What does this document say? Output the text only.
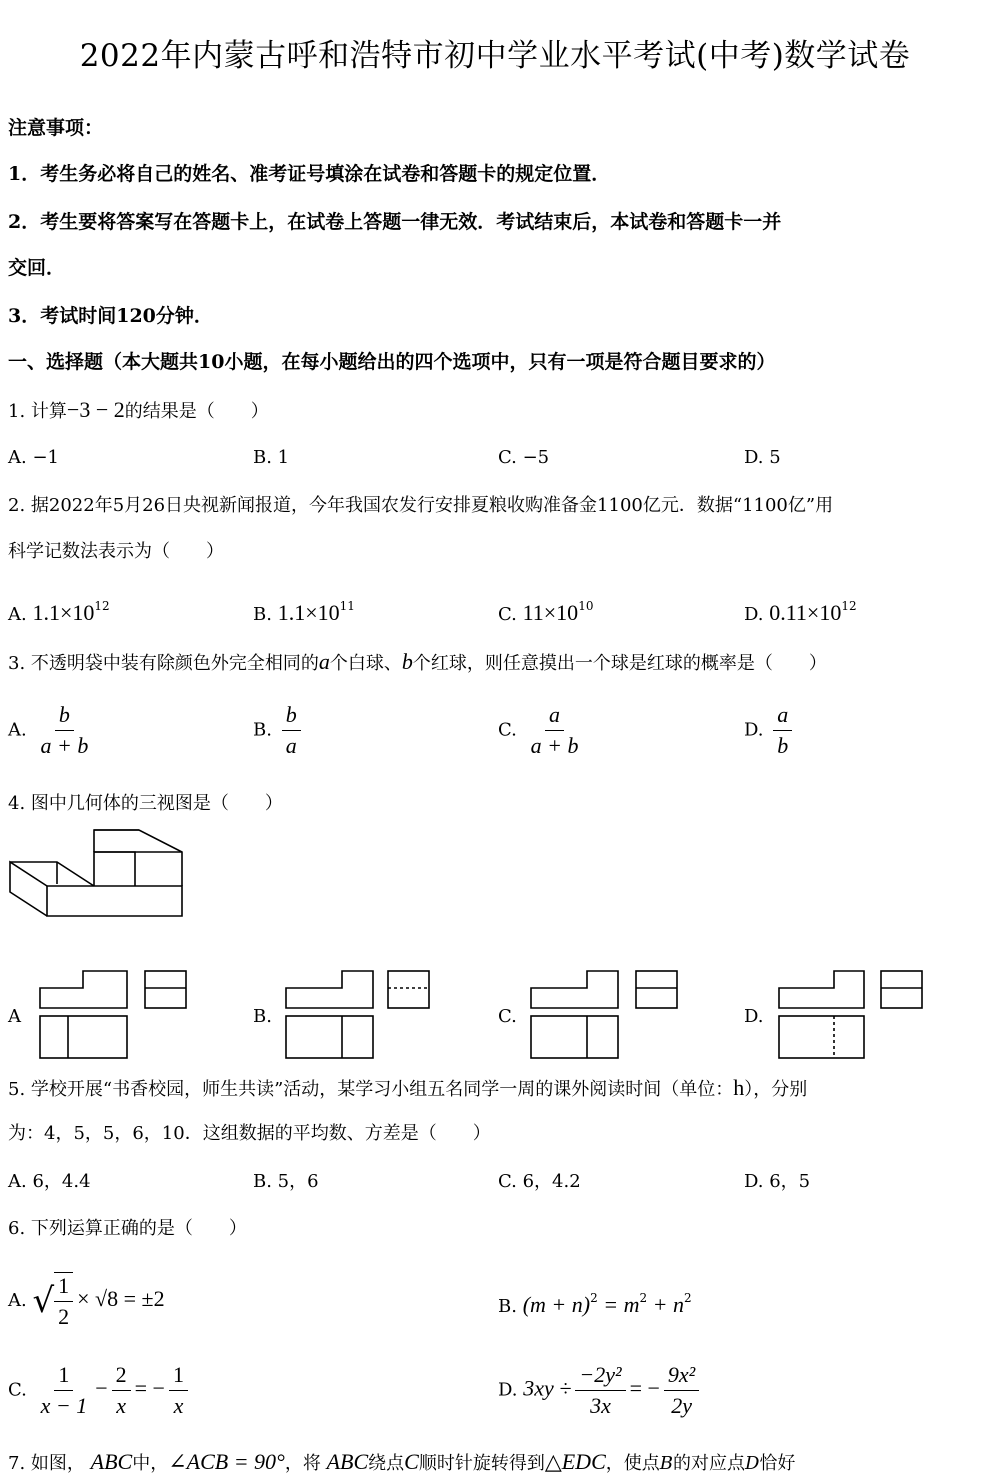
2022年内蒙古呼和浩特市初中学业水平考试(中考)数学试卷
注意事项：
1．考生务必将自己的姓名、准考证号填涂在试卷和答题卡的规定位置．
2．考生要将答案写在答题卡上，在试卷上答题一律无效．考试结束后，本试卷和答题卡一并
交回．
3．考试时间120分钟．
一、选择题（本大题共10小题，在每小题给出的四个选项中，只有一项是符合题目要求的）
1. 计算−3 − 2的结果是（　　）
A. −1	B. 1	C. −5	D. 5
2. 据2022年5月26日央视新闻报道，今年我国农发行安排夏粮收购准备金1100亿元．数据“1100亿”用
科学记数法表示为（　　）
A. $1.1\times 10^{12}$	B. $1.1\times 10^{11}$	C. $11\times 10^{10}$	D. $0.11\times 10^{12}$
3. 不透明袋中装有除颜色外完全相同的a个白球、b个红球，则任意摸出一个球是红球的概率是（　　）
A. $\frac{b}{a + b}$	B. $\frac{b}{a}$	C. $\frac{a}{a + b}$	D. $\frac{a}{b}$
4. 图中几何体的三视图是（　　）
A	B.	C.	D.
5. 学校开展“书香校园，师生共读”活动，某学习小组五名同学一周的课外阅读时间（单位：h），分别
为：4，5，5，6，10．这组数据的平均数、方差是（　　）
A. 6，4.4	B. 5，6	C. 6，4.2	D. 6，5
6. 下列运算正确的是（　　）
A. √ $\frac{1}{2} \times √8 = \pm 2$	B. $(m + n)^2 = m^2 + n^2$
C. $\frac{1}{x - 1} - \frac{2}{x}$ = − $\frac{1}{x}$	D. $3xy \div \frac{\text{−2y²}}{3x}$ = − $\frac{\text{9x²}}{2y}$
7. 如图， ABC中，∠ACB = 90°，将 ABC绕点C顺时针旋转得到△EDC，使点B的对应点D恰好
